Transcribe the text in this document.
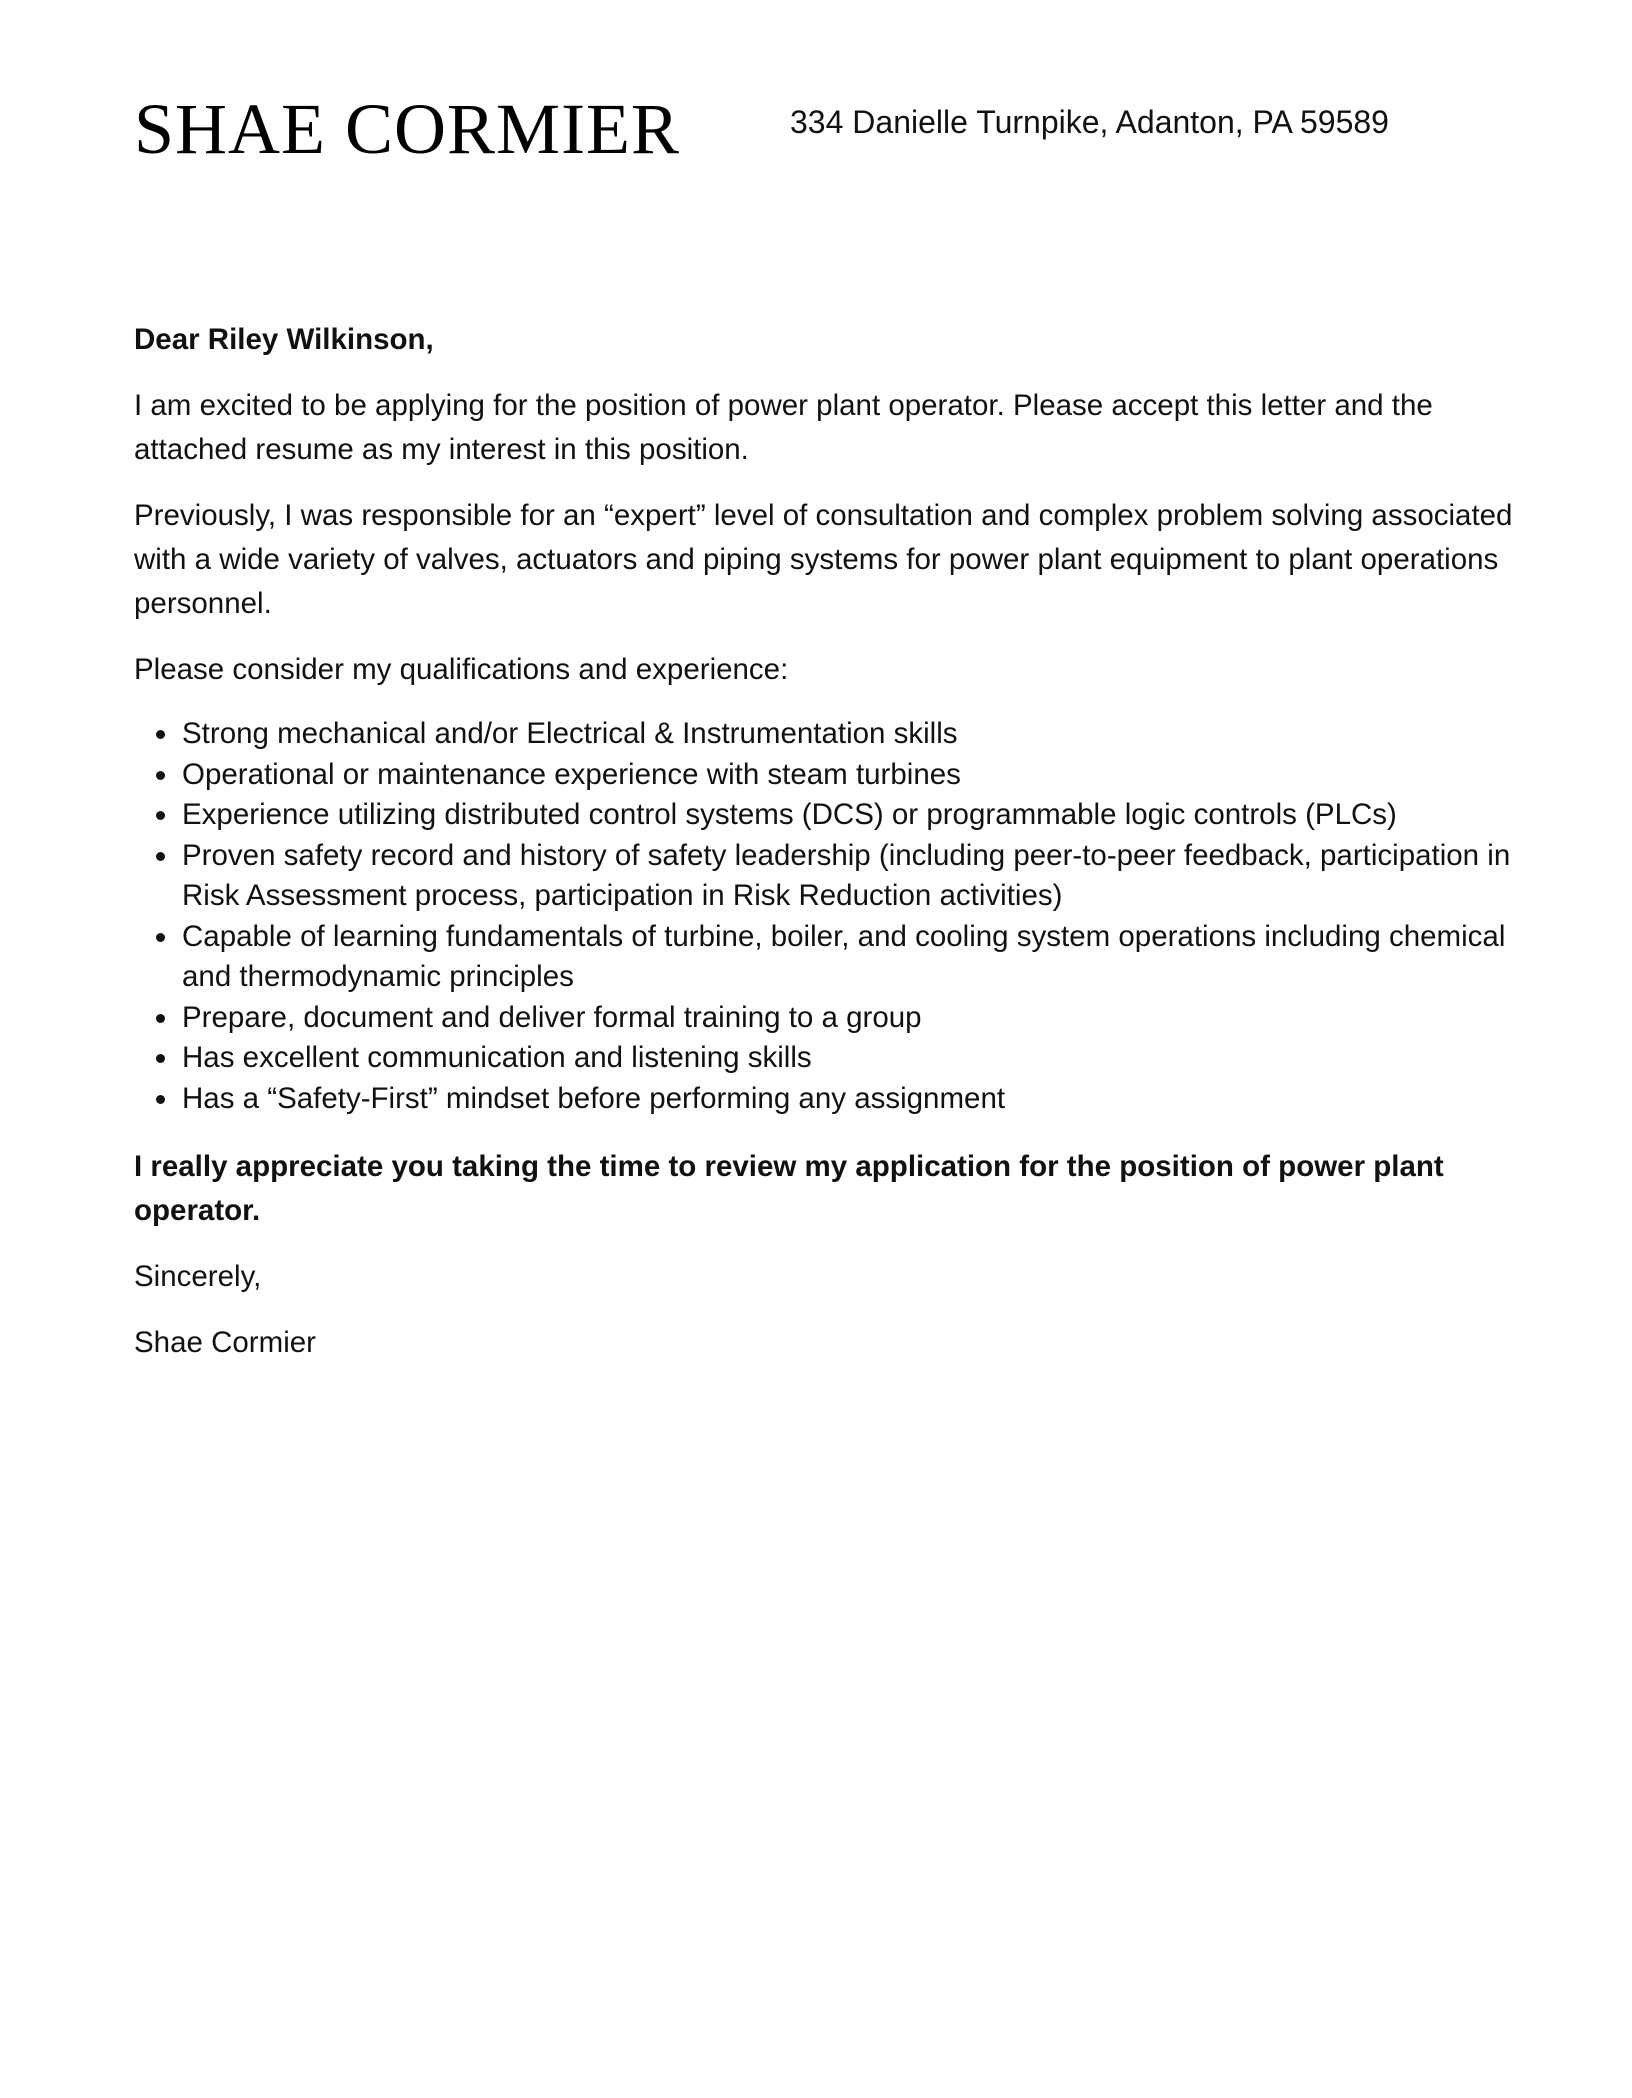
SHAE CORMIER	334 Danielle Turnpike, Adanton, PA 59589

Dear Riley Wilkinson,

I am excited to be applying for the position of power plant operator. Please accept this letter and the attached resume as my interest in this position.

Previously, I was responsible for an “expert” level of consultation and complex problem solving associated with a wide variety of valves, actuators and piping systems for power plant equipment to plant operations personnel.

Please consider my qualifications and experience:

Strong mechanical and/or Electrical & Instrumentation skills
Operational or maintenance experience with steam turbines
Experience utilizing distributed control systems (DCS) or programmable logic controls (PLCs)
Proven safety record and history of safety leadership (including peer-to-peer feedback, participation in Risk Assessment process, participation in Risk Reduction activities)
Capable of learning fundamentals of turbine, boiler, and cooling system operations including chemical and thermodynamic principles
Prepare, document and deliver formal training to a group
Has excellent communication and listening skills
Has a “Safety-First” mindset before performing any assignment

I really appreciate you taking the time to review my application for the position of power plant operator.

Sincerely,

Shae Cormier
